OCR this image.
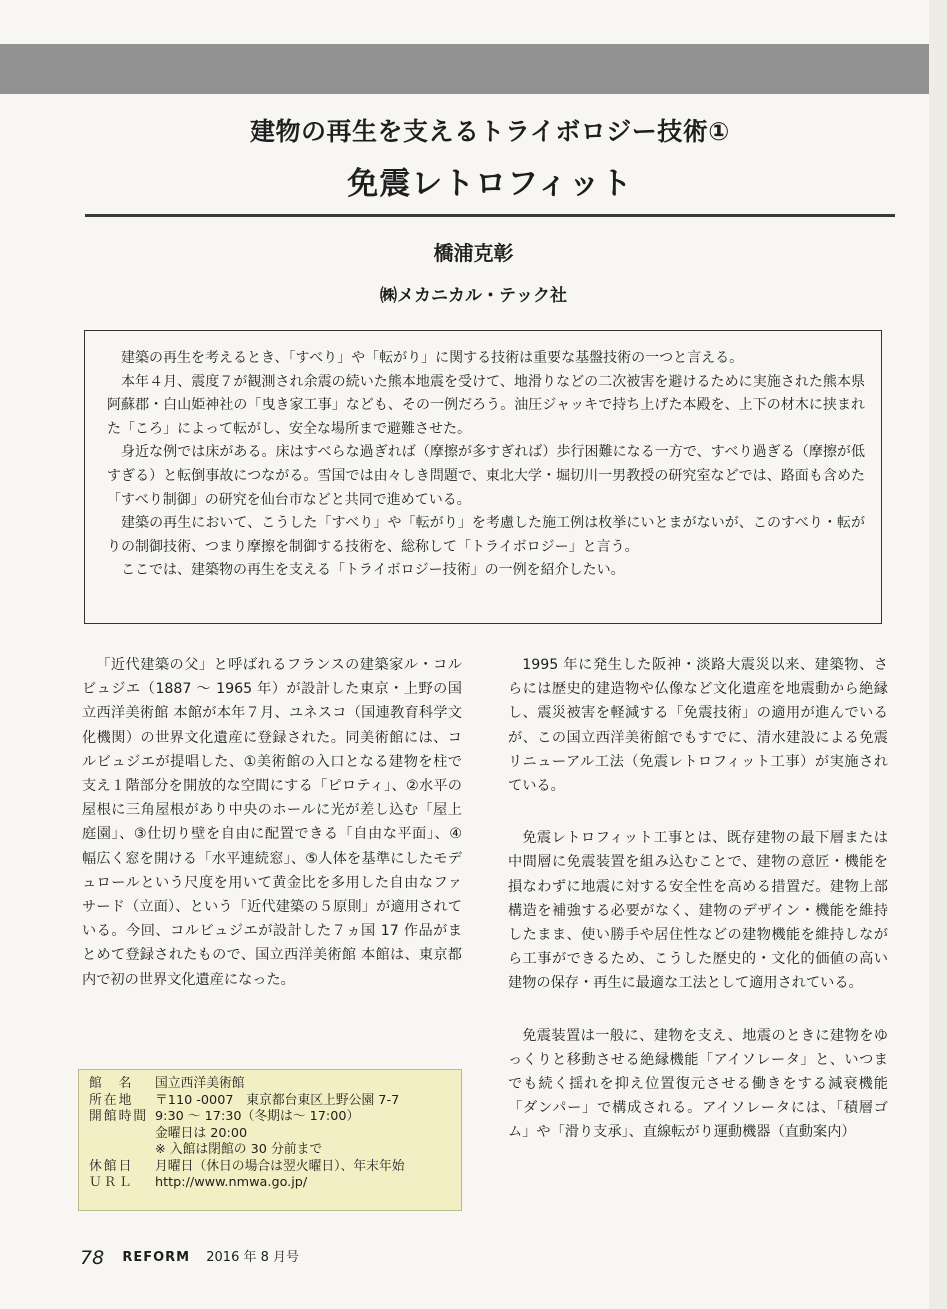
建物の再生を支えるトライボロジー技術①
免震レトロフィット
橋浦克彰
㈱メカニカル・テック社

建築の再生を考えるとき、「すべり」や「転がり」に関する技術は重要な基盤技術の一つと言える。

本年４月、震度７が観測され余震の続いた熊本地震を受けて、地滑りなどの二次被害を避けるために実施された熊本県阿蘇郡・白山姫神社の「曳き家工事」なども、その一例だろう。油圧ジャッキで持ち上げた本殿を、上下の材木に挟まれた「ころ」によって転がし、安全な場所まで避難させた。

身近な例では床がある。床はすべらな過ぎれば（摩擦が多すぎれば）歩行困難になる一方で、すべり過ぎる（摩擦が低すぎる）と転倒事故につながる。雪国では由々しき問題で、東北大学・堀切川一男教授の研究室などでは、路面も含めた「すべり制御」の研究を仙台市などと共同で進めている。

建築の再生において、こうした「すべり」や「転がり」を考慮した施工例は枚挙にいとまがないが、このすべり・転がりの制御技術、つまり摩擦を制御する技術を、総称して「トライボロジー」と言う。

ここでは、建築物の再生を支える「トライボロジー技術」の一例を紹介したい。

「近代建築の父」と呼ばれるフランスの建築家ル・コルビュジエ（1887 ～ 1965 年）が設計した東京・上野の国立西洋美術館 本館が本年７月、ユネスコ（国連教育科学文化機関）の世界文化遺産に登録された。同美術館には、コルビュジエが提唱した、①美術館の入口となる建物を柱で支え１階部分を開放的な空間にする「ピロティ」、②水平の屋根に三角屋根があり中央のホールに光が差し込む「屋上庭園」、③仕切り壁を自由に配置できる「自由な平面」、④幅広く窓を開ける「水平連続窓」、⑤人体を基準にしたモデュロールという尺度を用いて黄金比を多用した自由なファサード（立面）、という「近代建築の５原則」が適用されている。今回、コルビュジエが設計した７ヵ国 17 作品がまとめて登録されたもので、国立西洋美術館 本館は、東京都内で初の世界文化遺産になった。

1995 年に発生した阪神・淡路大震災以来、建築物、さらには歴史的建造物や仏像など文化遺産を地震動から絶縁し、震災被害を軽減する「免震技術」の適用が進んでいるが、この国立西洋美術館でもすでに、清水建設による免震リニューアル工法（免震レトロフィット工事）が実施されている。

免震レトロフィット工事とは、既存建物の最下層または中間層に免震装置を組み込むことで、建物の意匠・機能を損なわずに地震に対する安全性を高める措置だ。建物上部構造を補強する必要がなく、建物のデザイン・機能を維持したまま、使い勝手や居住性などの建物機能を維持しながら工事ができるため、こうした歴史的・文化的価値の高い建物の保存・再生に最適な工法として適用されている。

免震装置は一般に、建物を支え、地震のときに建物をゆっくりと移動させる絶縁機能「アイソレータ」と、いつまでも続く揺れを抑え位置復元させる働きをする減衰機能「ダンパー」で構成される。アイソレータには、「積層ゴム」や「滑り支承」、直線転がり運動機器（直動案内）

館　名	国立西洋美術館
所在地	〒110 -0007　東京都台東区上野公園 7-7
開館時間 9:30 ～ 17:30（冬期は～ 17:00）
金曜日は 20:00
※ 入館は閉館の 30 分前まで
休館日	月曜日（休日の場合は翌火曜日）、年末年始
ＵＲＬ	http://www.nmwa.go.jp/
78 REFORM 2016 年 8 月号
